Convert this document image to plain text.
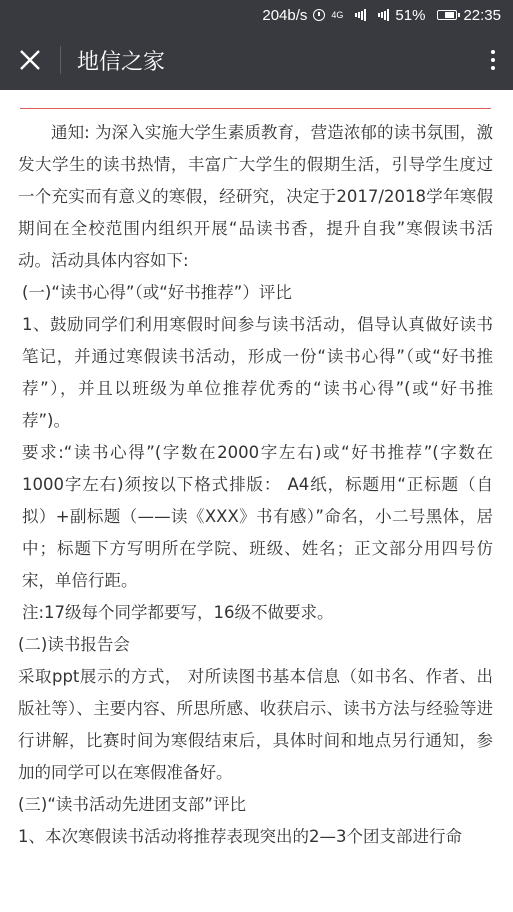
204b/s	4G	51%	22:35
地信之家

通知: 为深入实施大学生素质教育，营造浓郁的读书氛围，激发大学生的读书热情，丰富广大学生的假期生活，引导学生度过一个充实而有意义的寒假，经研究，决定于2017/2018学年寒假期间在全校范围内组织开展“品读书香，提升自我”寒假读书活动。活动具体内容如下:

(一)“读书心得”（或“好书推荐”）评比

1、鼓励同学们利用寒假时间参与读书活动，倡导认真做好读书笔记，并通过寒假读书活动，形成一份“读书心得”（或“好书推荐”），并且以班级为单位推荐优秀的“读书心得”(或“好书推荐”)。

要求:“读书心得”(字数在2000字左右)或“好书推荐”(字数在1000字左右)须按以下格式排版： A4纸，标题用“正标题（自拟）+副标题（——读《XXX》书有感）”命名，小二号黑体，居中；标题下方写明所在学院、班级、姓名；正文部分用四号仿宋，单倍行距。

注:17级每个同学都要写，16级不做要求。

(二)读书报告会

采取ppt展示的方式， 对所读图书基本信息（如书名、作者、出版社等）、主要内容、所思所感、收获启示、读书方法与经验等进行讲解，比赛时间为寒假结束后，具体时间和地点另行通知，参加的同学可以在寒假准备好。

(三)“读书活动先进团支部”评比

1、本次寒假读书活动将推荐表现突出的2—3个团支部进行命
